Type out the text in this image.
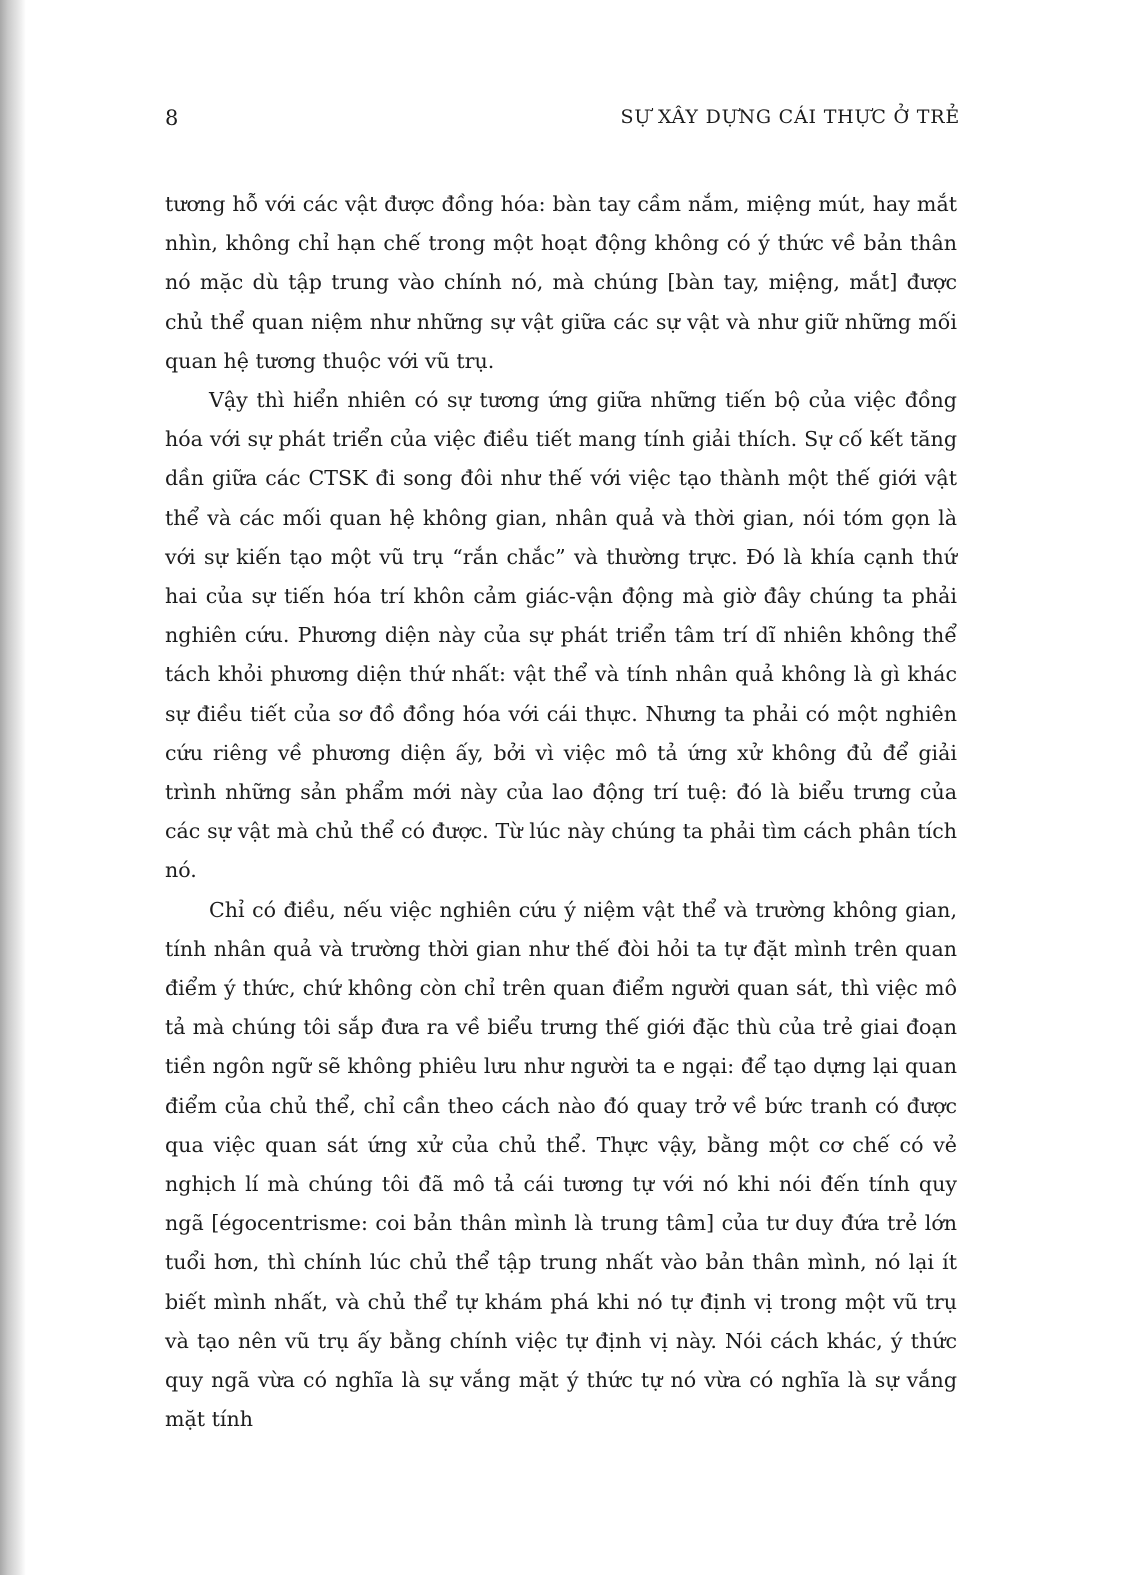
8	SỰ XÂY DỰNG CÁI THỰC Ở TRẺ

tương hỗ với các vật được đồng hóa: bàn tay cầm nắm, miệng mút, hay mắt nhìn, không chỉ hạn chế trong một hoạt động không có ý thức về bản thân nó mặc dù tập trung vào chính nó, mà chúng [bàn tay, miệng, mắt] được chủ thể quan niệm như những sự vật giữa các sự vật và như giữ những mối quan hệ tương thuộc với vũ trụ.

Vậy thì hiển nhiên có sự tương ứng giữa những tiến bộ của việc đồng hóa với sự phát triển của việc điều tiết mang tính giải thích. Sự cố kết tăng dần giữa các CTSK đi song đôi như thế với việc tạo thành một thế giới vật thể và các mối quan hệ không gian, nhân quả và thời gian, nói tóm gọn là với sự kiến tạo một vũ trụ “rắn chắc” và thường trực. Đó là khía cạnh thứ hai của sự tiến hóa trí khôn cảm giác-vận động mà giờ đây chúng ta phải nghiên cứu. Phương diện này của sự phát triển tâm trí dĩ nhiên không thể tách khỏi phương diện thứ nhất: vật thể và tính nhân quả không là gì khác sự điều tiết của sơ đồ đồng hóa với cái thực. Nhưng ta phải có một nghiên cứu riêng về phương diện ấy, bởi vì việc mô tả ứng xử không đủ để giải trình những sản phẩm mới này của lao động trí tuệ: đó là biểu trưng của các sự vật mà chủ thể có được. Từ lúc này chúng ta phải tìm cách phân tích nó.

Chỉ có điều, nếu việc nghiên cứu ý niệm vật thể và trường không gian, tính nhân quả và trường thời gian như thế đòi hỏi ta tự đặt mình trên quan điểm ý thức, chứ không còn chỉ trên quan điểm người quan sát, thì việc mô tả mà chúng tôi sắp đưa ra về biểu trưng thế giới đặc thù của trẻ giai đoạn tiền ngôn ngữ sẽ không phiêu lưu như người ta e ngại: để tạo dựng lại quan điểm của chủ thể, chỉ cần theo cách nào đó quay trở về bức tranh có được qua việc quan sát ứng xử của chủ thể. Thực vậy, bằng một cơ chế có vẻ nghịch lí mà chúng tôi đã mô tả cái tương tự với nó khi nói đến tính quy ngã [égocentrisme: coi bản thân mình là trung tâm] của tư duy đứa trẻ lớn tuổi hơn, thì chính lúc chủ thể tập trung nhất vào bản thân mình, nó lại ít biết mình nhất, và chủ thể tự khám phá khi nó tự định vị trong một vũ trụ và tạo nên vũ trụ ấy bằng chính việc tự định vị này. Nói cách khác, ý thức quy ngã vừa có nghĩa là sự vắng mặt ý thức tự nó vừa có nghĩa là sự vắng mặt tính
